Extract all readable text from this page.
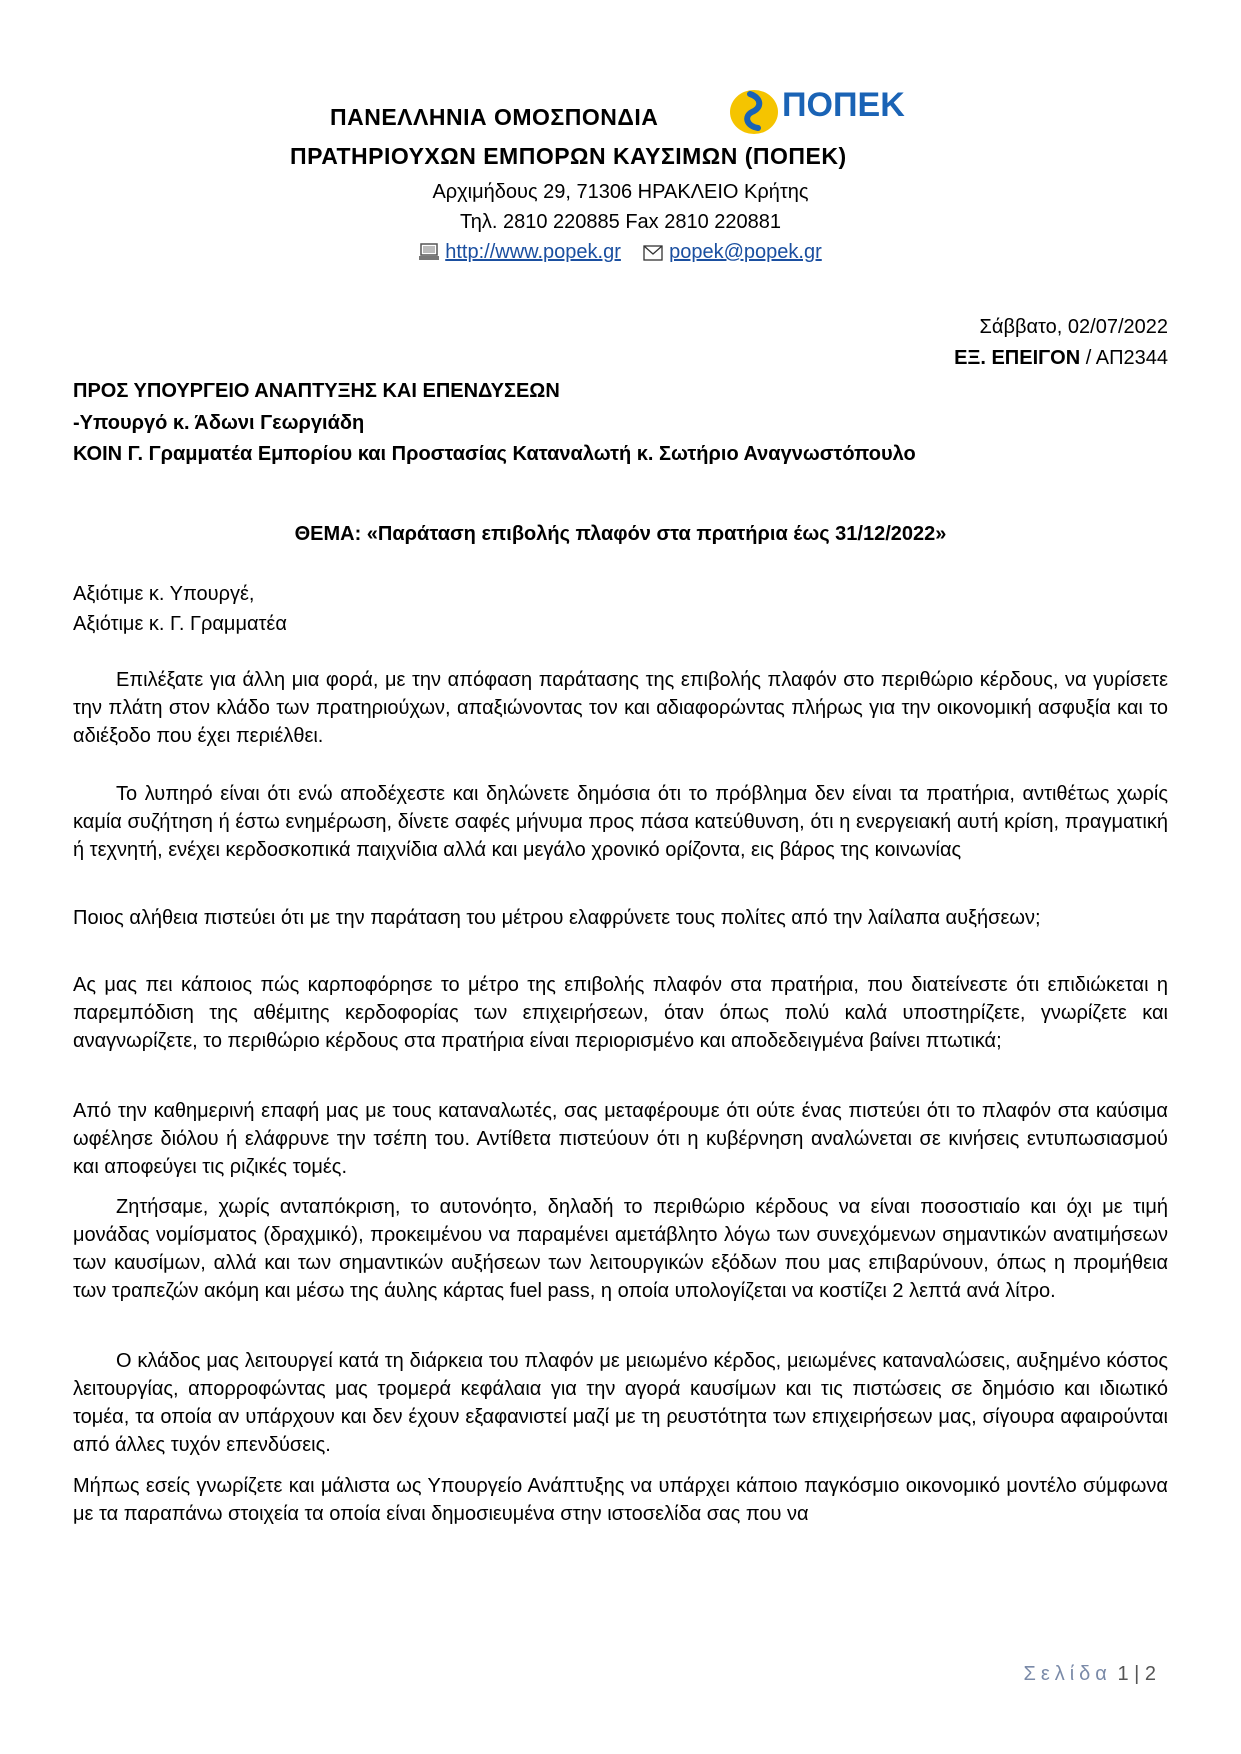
ΠΑΝΕΛΛΗΝΙΑ ΟΜΟΣΠΟΝΔΙΑ	ΠΟΠΕΚ
ΠΡΑΤΗΡΙΟΥΧΩΝ ΕΜΠΟΡΩΝ ΚΑΥΣΙΜΩΝ (ΠΟΠΕΚ)
Αρχιμήδους 29, 71306 ΗΡΑΚΛΕΙΟ Κρήτης
Τηλ. 2810 220885 Fax 2810 220881
http://www.popek.gr popek@popek.gr
Σάββατο, 02/07/2022
ΕΞ. ΕΠΕΙΓΟΝ / ΑΠ2344
ΠΡΟΣ ΥΠΟΥΡΓΕΙΟ ΑΝΑΠΤΥΞΗΣ ΚΑΙ ΕΠΕΝΔΥΣΕΩΝ
-Υπουργό κ. Άδωνι Γεωργιάδη
ΚΟΙΝ Γ. Γραμματέα Εμπορίου και Προστασίας Καταναλωτή κ. Σωτήριο Αναγνωστόπουλο
ΘΕΜΑ: «Παράταση επιβολής πλαφόν στα πρατήρια έως 31/12/2022»
Αξιότιμε κ. Υπουργέ,
Αξιότιμε κ. Γ. Γραμματέα
Επιλέξατε για άλλη μια φορά, με την απόφαση παράτασης της επιβολής πλαφόν στο περιθώριο κέρδους, να γυρίσετε την πλάτη στον κλάδο των πρατηριούχων, απαξιώνοντας τον και αδιαφορώντας πλήρως για την οικονομική ασφυξία και το αδιέξοδο που έχει περιέλθει.
Το λυπηρό είναι ότι ενώ αποδέχεστε και δηλώνετε δημόσια ότι το πρόβλημα δεν είναι τα πρατήρια, αντιθέτως χωρίς καμία συζήτηση ή έστω ενημέρωση, δίνετε σαφές μήνυμα προς πάσα κατεύθυνση, ότι η ενεργειακή αυτή κρίση, πραγματική ή τεχνητή, ενέχει κερδοσκοπικά παιχνίδια αλλά και μεγάλο χρονικό ορίζοντα, εις βάρος της κοινωνίας
Ποιος αλήθεια πιστεύει ότι με την παράταση του μέτρου ελαφρύνετε τους πολίτες από την λαίλαπα αυξήσεων;
Ας μας πει κάποιος πώς καρποφόρησε το μέτρο της επιβολής πλαφόν στα πρατήρια, που διατείνεστε ότι επιδιώκεται η παρεμπόδιση της αθέμιτης κερδοφορίας των επιχειρήσεων, όταν όπως πολύ καλά υποστηρίζετε, γνωρίζετε και αναγνωρίζετε, το περιθώριο κέρδους στα πρατήρια είναι περιορισμένο και αποδεδειγμένα βαίνει πτωτικά;
Από την καθημερινή επαφή μας με τους καταναλωτές, σας μεταφέρουμε ότι ούτε ένας πιστεύει ότι το πλαφόν στα καύσιμα ωφέλησε διόλου ή ελάφρυνε την τσέπη του. Αντίθετα πιστεύουν ότι η κυβέρνηση αναλώνεται σε κινήσεις εντυπωσιασμού και αποφεύγει τις ριζικές τομές.
Ζητήσαμε, χωρίς ανταπόκριση, το αυτονόητο, δηλαδή το περιθώριο κέρδους να είναι ποσοστιαίο και όχι με τιμή μονάδας νομίσματος (δραχμικό), προκειμένου να παραμένει αμετάβλητο λόγω των συνεχόμενων σημαντικών ανατιμήσεων των καυσίμων, αλλά και των σημαντικών αυξήσεων των λειτουργικών εξόδων που μας επιβαρύνουν, όπως η προμήθεια των τραπεζών ακόμη και μέσω της άυλης κάρτας fuel pass, η οποία υπολογίζεται να κοστίζει 2 λεπτά ανά λίτρο.
Ο κλάδος μας λειτουργεί κατά τη διάρκεια του πλαφόν με μειωμένο κέρδος, μειωμένες καταναλώσεις, αυξημένο κόστος λειτουργίας, απορροφώντας μας τρομερά κεφάλαια για την αγορά καυσίμων και τις πιστώσεις σε δημόσιο και ιδιωτικό τομέα, τα οποία αν υπάρχουν και δεν έχουν εξαφανιστεί μαζί με τη ρευστότητα των επιχειρήσεων μας, σίγουρα αφαιρούνται από άλλες τυχόν επενδύσεις.
Μήπως εσείς γνωρίζετε και μάλιστα ως Υπουργείο Ανάπτυξης να υπάρχει κάποιο παγκόσμιο οικονομικό μοντέλο σύμφωνα με τα παραπάνω στοιχεία τα οποία είναι δημοσιευμένα στην ιστοσελίδα σας που να
Σελίδα 1 | 2
